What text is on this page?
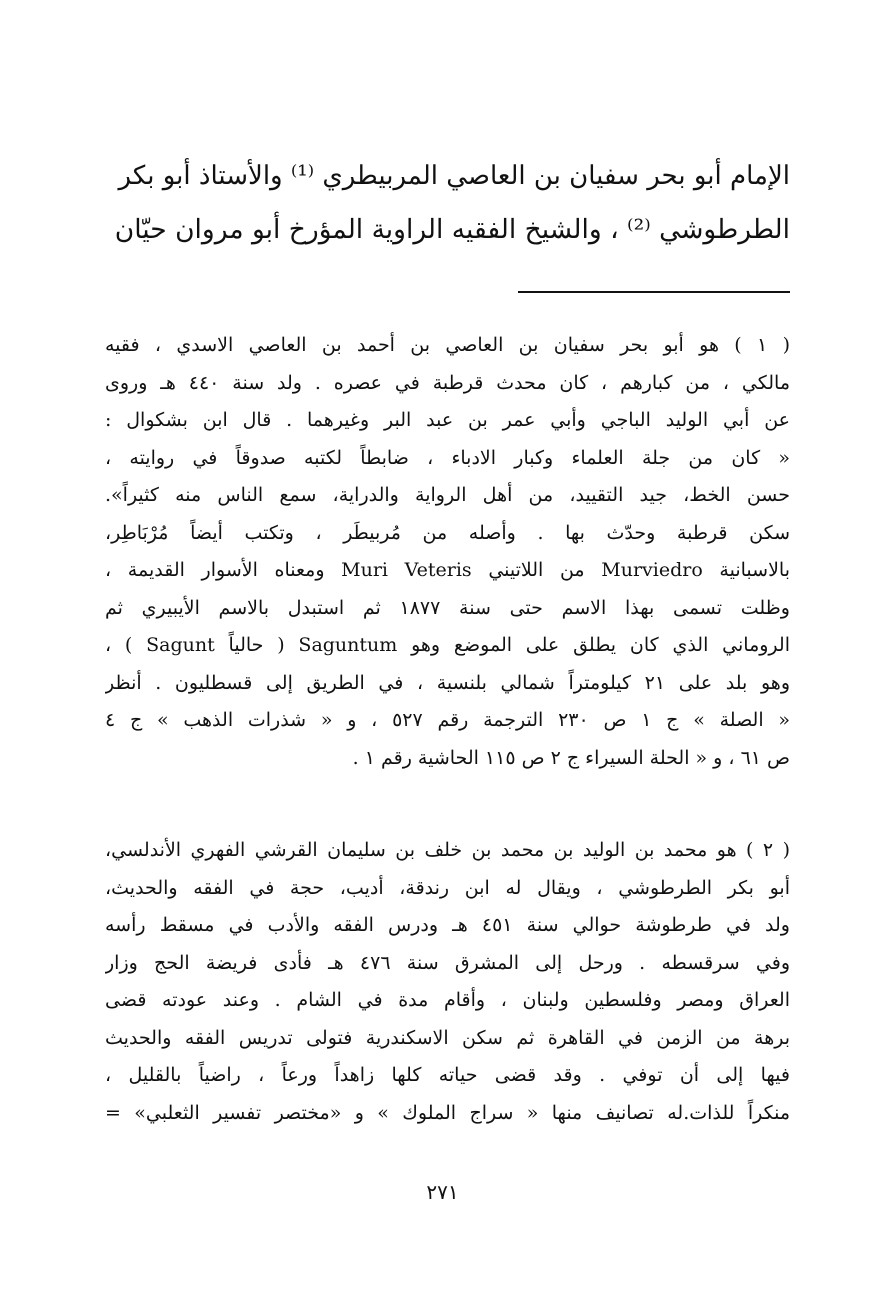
الإمام أبو بحر سفيان بن العاصي المربيطري ⁽¹⁾ والأستاذ أبو بكر
الطرطوشي ⁽²⁾ ، والشيخ الفقيه الراوية المؤرخ أبو مروان حيّان
( ١ ) هو أبو بحر سفيان بن العاصي بن أحمد بن العاصي الاسدي ، فقيه
مالكي ، من كبارهم ، كان محدث قرطبة في عصره . ولد سنة ٤٤٠ هـ وروى
عن أبي الوليد الباجي وأبي عمر بن عبد البر وغيرهما . قال ابن بشكوال :
« كان من جلة العلماء وكبار الادباء ، ضابطاً لكتبه صدوقاً في روايته ،
حسن الخط، جيد التقييد، من أهل الرواية والدراية، سمع الناس منه كثيراً».
سكن قرطبة وحدّث بها . وأصله من مُربيطَر ، وتكتب أيضاً مُرْبَاطِر،
بالاسبانية Murviedro من اللاتيني Muri Veteris ومعناه الأسوار القديمة ،
وظلت تسمى بهذا الاسم حتى سنة ١٨٧٧ ثم استبدل بالاسم الأيبيري ثم
الروماني الذي كان يطلق على الموضع وهو Saguntum ( حالياً Sagunt ) ،
وهو بلد على ٢١ كيلومتراً شمالي بلنسية ، في الطريق إلى قسطليون . أنظر
« الصلة » ج ١ ص ٢٣٠ الترجمة رقم ٥٢٧ ، و « شذرات الذهب » ج ٤
ص ٦١ ، و « الحلة السيراء ج ٢ ص ١١٥ الحاشية رقم ١ .
( ٢ ) هو محمد بن الوليد بن محمد بن خلف بن سليمان القرشي الفهري الأندلسي،
أبو بكر الطرطوشي ، ويقال له ابن رندقة، أديب، حجة في الفقه والحديث،
ولد في طرطوشة حوالي سنة ٤٥١ هـ ودرس الفقه والأدب في مسقط رأسه
وفي سرقسطه . ورحل إلى المشرق سنة ٤٧٦ هـ فأدى فريضة الحج وزار
العراق ومصر وفلسطين ولبنان ، وأقام مدة في الشام . وعند عودته قضى
برهة من الزمن في القاهرة ثم سكن الاسكندرية فتولى تدريس الفقه والحديث
فيها إلى أن توفي . وقد قضى حياته كلها زاهداً ورعاً ، راضياً بالقليل ،
منكراً للذات.له تصانيف منها « سراج الملوك » و «مختصر تفسير الثعلبي» =
٢٧١
